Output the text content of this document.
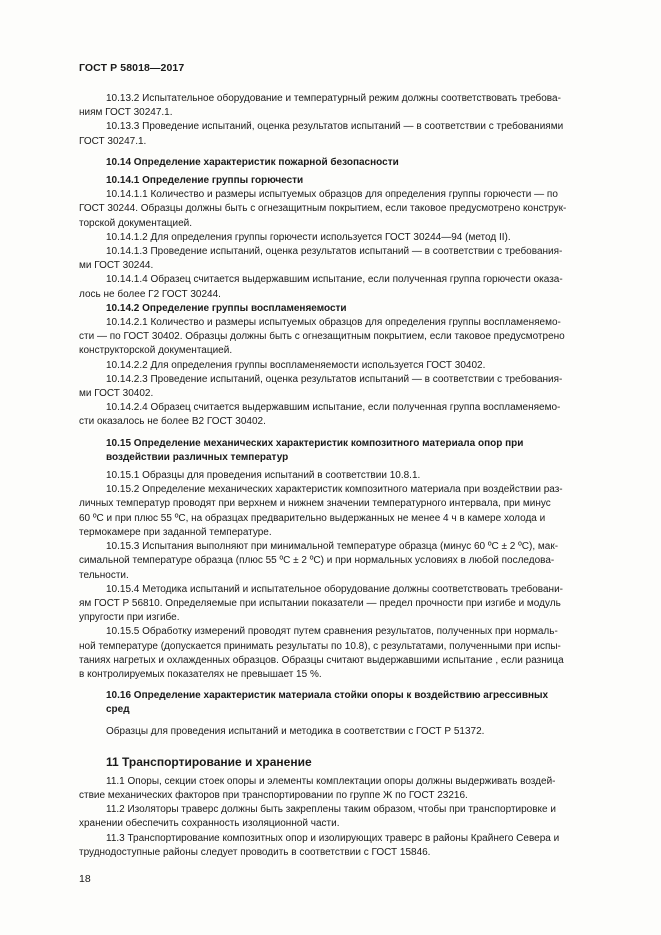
ГОСТ Р 58018—2017

10.13.2 Испытательное оборудование и температурный режим должны соответствовать требова-

ниям ГОСТ 30247.1.

10.13.3 Проведение испытаний, оценка результатов испытаний — в соответствии с требованиями

ГОСТ 30247.1.

10.14 Определение характеристик пожарной безопасности

10.14.1 Определение группы горючести

10.14.1.1 Количество и размеры испытуемых образцов для определения группы горючести — по

ГОСТ 30244. Образцы должны быть с огнезащитным покрытием, если таковое предусмотрено конструк-

торской документацией.

10.14.1.2 Для определения группы горючести используется ГОСТ 30244—94 (метод II).

10.14.1.3 Проведение испытаний, оценка результатов испытаний — в соответствии с требования-

ми ГОСТ 30244.

10.14.1.4 Образец считается выдержавшим испытание, если полученная группа горючести оказа-

лось не более Г2 ГОСТ 30244.

10.14.2 Определение группы воспламеняемости

10.14.2.1 Количество и размеры испытуемых образцов для определения группы воспламеняемо-

сти — по ГОСТ 30402. Образцы должны быть с огнезащитным покрытием, если таковое предусмотрено

конструкторской документацией.

10.14.2.2 Для определения группы воспламеняемости используется ГОСТ 30402.

10.14.2.3 Проведение испытаний, оценка результатов испытаний — в соответствии с требования-

ми ГОСТ 30402.

10.14.2.4 Образец считается выдержавшим испытание, если полученная группа воспламеняемо-

сти оказалось не более В2 ГОСТ 30402.

10.15 Определение механических характеристик композитного материала опор при

воздействии различных температур

10.15.1 Образцы для проведения испытаний в соответствии 10.8.1.

10.15.2 Определение механических характеристик композитного материала при воздействии раз-

личных температур проводят при верхнем и нижнем значении температурного интервала, при минус

60 ºС и при плюс 55 ºС, на образцах предварительно выдержанных не менее 4 ч в камере холода и

термокамере при заданной температуре.

10.15.3 Испытания выполняют при минимальной температуре образца (минус 60 ºС ± 2 ºС), мак-

симальной температуре образца (плюс 55 ºС ± 2 ºС) и при нормальных условиях в любой последова-

тельности.

10.15.4 Методика испытаний и испытательное оборудование должны соответствовать требовани-

ям ГОСТ Р 56810. Определяемые при испытании показатели — предел прочности при изгибе и модуль

упругости при изгибе.

10.15.5 Обработку измерений проводят путем сравнения результатов, полученных при нормаль-

ной температуре (допускается принимать результаты по 10.8), с результатами, полученными при испы-

таниях нагретых и охлажденных образцов. Образцы считают выдержавшими испытание , если разница

в контролируемых показателях не превышает 15 %.

10.16 Определение характеристик материала стойки опоры к воздействию агрессивных

сред

Образцы для проведения испытаний и методика в соответствии с ГОСТ Р 51372.

11 Транспортирование и хранение

11.1 Опоры, секции стоек опоры и элементы комплектации опоры должны выдерживать воздей-

ствие механических факторов при транспортировании по группе Ж по ГОСТ 23216.

11.2 Изоляторы траверс должны быть закреплены таким образом, чтобы при транспортировке и

хранении обеспечить сохранность изоляционной части.

11.3 Транспортирование композитных опор и изолирующих траверс в районы Крайнего Севера и

труднодоступные районы следует проводить в соответствии с ГОСТ 15846.

18
